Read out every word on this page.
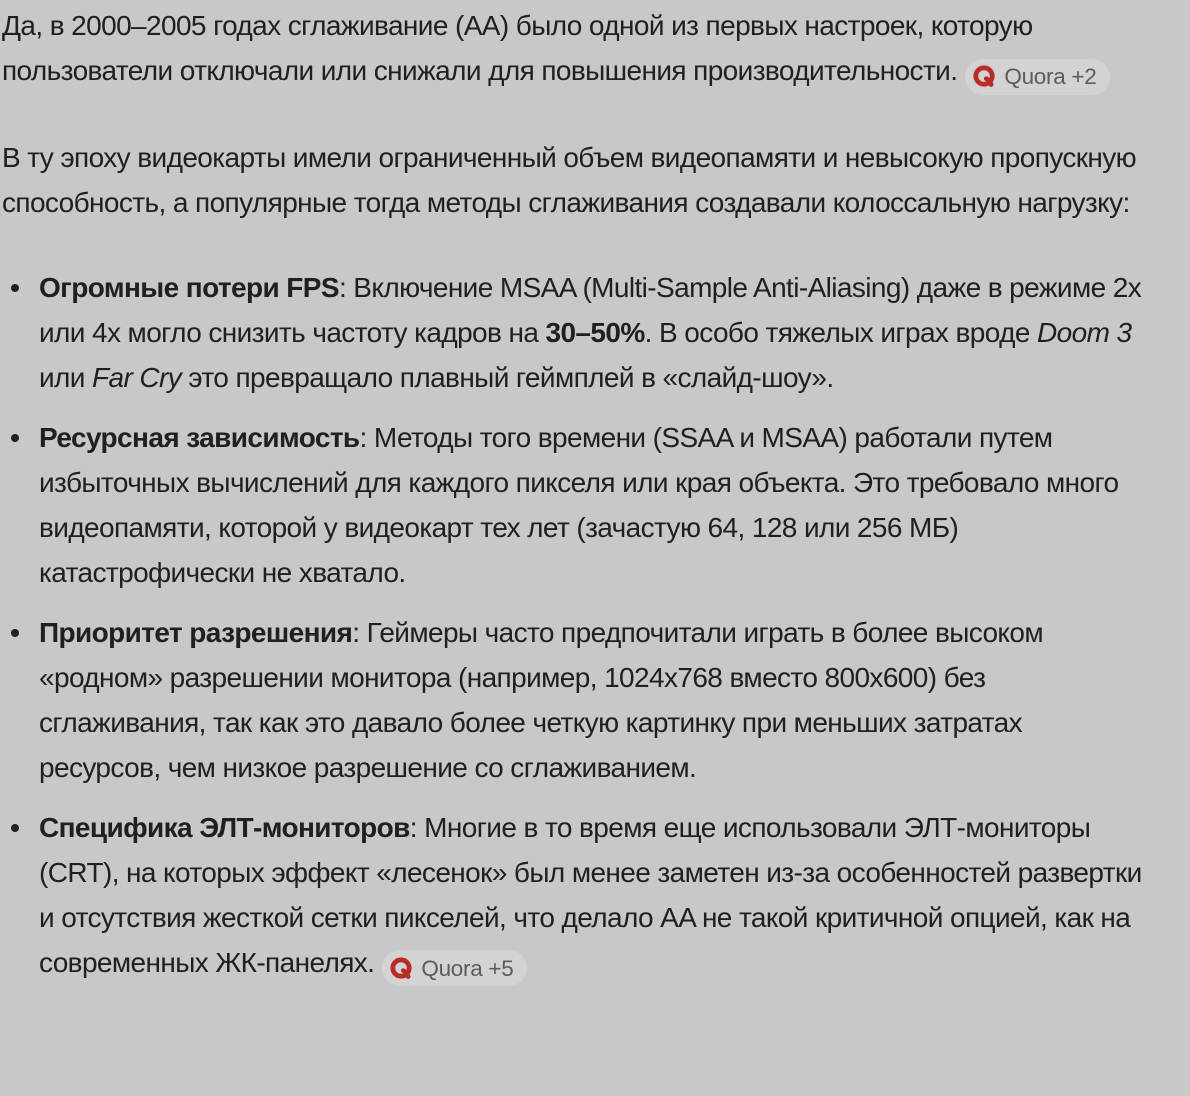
Да, в 2000–2005 годах сглаживание (AA) было одной из первых настроек, которую пользователи отключали или снижали для повышения производительности. Quora +2

В ту эпоху видеокарты имели ограниченный объем видеопамяти и невысокую пропускную способность, а популярные тогда методы сглаживания создавали колоссальную нагрузку:

Огромные потери FPS: Включение MSAA (Multi-Sample Anti-Aliasing) даже в режиме 2x или 4x могло снизить частоту кадров на 30–50%. В особо тяжелых играх вроде Doom 3 или Far Cry это превращало плавный геймплей в «слайд-шоу».
Ресурсная зависимость: Методы того времени (SSAA и MSAA) работали путем избыточных вычислений для каждого пикселя или края объекта. Это требовало много видеопамяти, которой у видеокарт тех лет (зачастую 64, 128 или 256 МБ) катастрофически не хватало.
Приоритет разрешения: Геймеры часто предпочитали играть в более высоком «родном» разрешении монитора (например, 1024x768 вместо 800x600) без сглаживания, так как это давало более четкую картинку при меньших затратах ресурсов, чем низкое разрешение со сглаживанием.
Специфика ЭЛТ-мониторов: Многие в то время еще использовали ЭЛТ-мониторы (CRT), на которых эффект «лесенок» был менее заметен из-за особенностей развертки и отсутствия жесткой сетки пикселей, что делало AA не такой критичной опцией, как на современных ЖК-панелях. Quora +5
